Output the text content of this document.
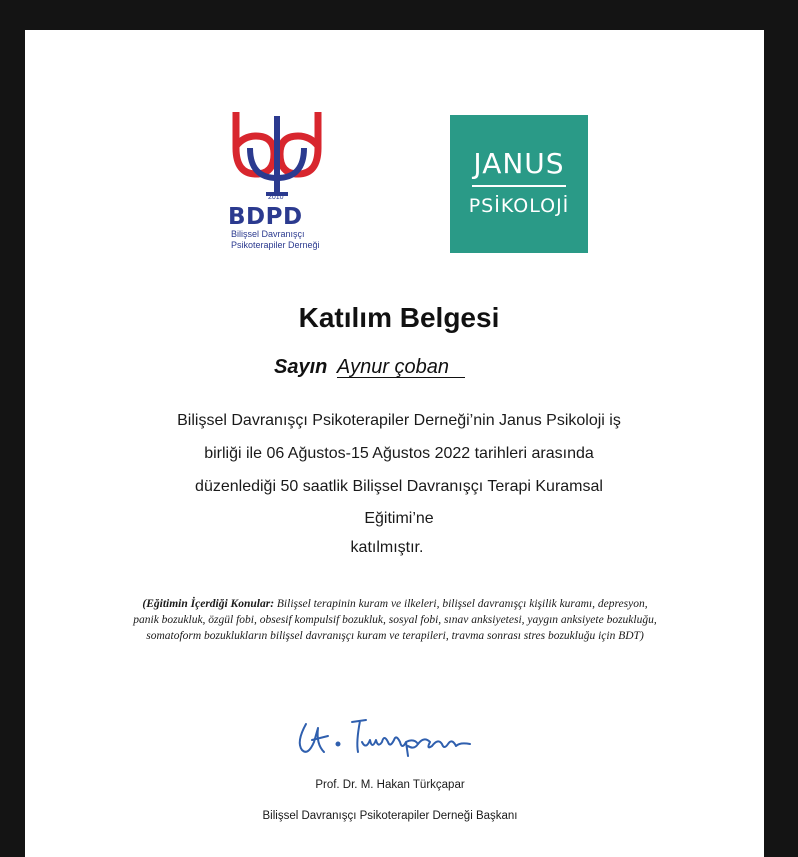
2010
BDPD
Bilişsel Davranışçı
Psikoterapiler Derneği
JANUS
PSİKOLOJİ
Katılım Belgesi
Sayın Aynur çoban
Bilişsel Davranışçı Psikoterapiler Derneği’nin Janus Psikoloji iş
birliği ile 06 Ağustos-15 Ağustos 2022 tarihleri arasında
düzenlediği 50 saatlik Bilişsel Davranışçı Terapi Kuramsal
Eğitimi’ne
katılmıştır.
(Eğitimin İçerdiği Konular: Bilişsel terapinin kuram ve ilkeleri, bilişsel davranışçı kişilik kuramı, depresyon, panik bozukluk, özgül fobi, obsesif kompulsif bozukluk, sosyal fobi, sınav anksiyetesi, yaygın anksiyete bozukluğu, somatoform bozuklukların bilişsel davranışçı kuram ve terapileri, travma sonrası stres bozukluğu için BDT)
Prof. Dr. M. Hakan Türkçapar
Bilişsel Davranışçı Psikoterapiler Derneği Başkanı
